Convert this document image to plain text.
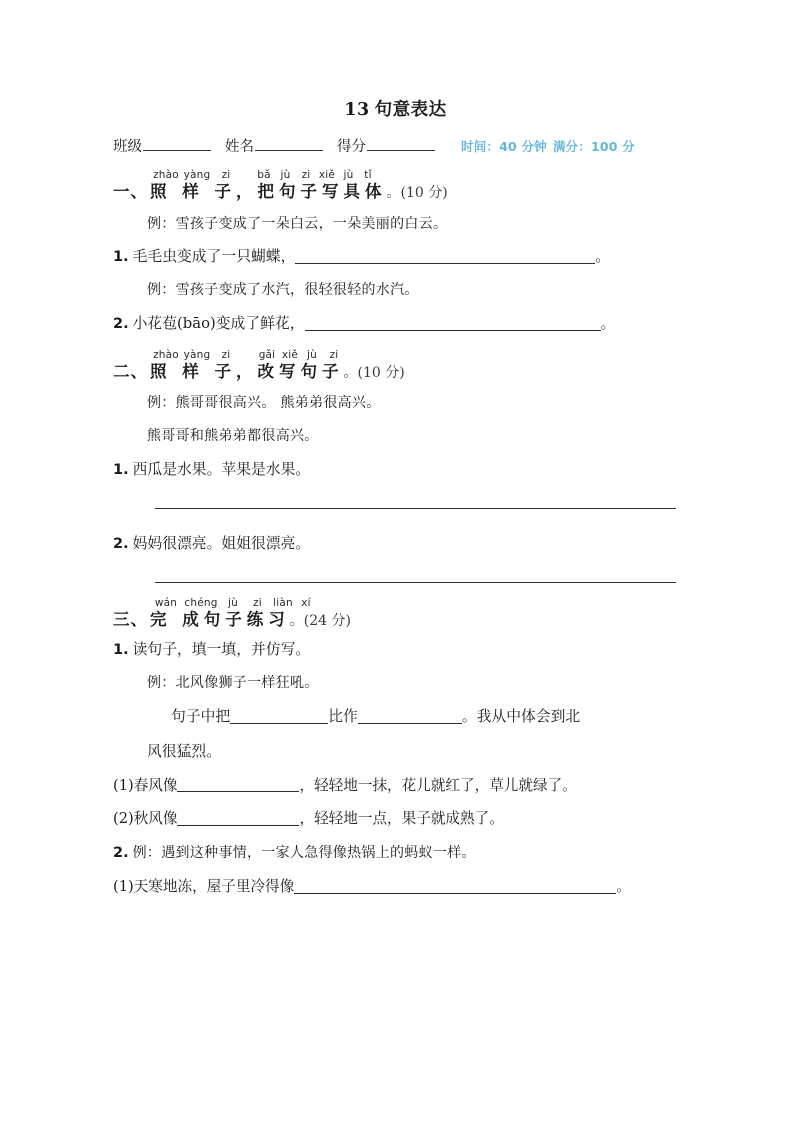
13 句意表达
班级	姓名	得分	时间：40 分钟 满分：100 分
zhào yàng zi	bǎ jù zi xiě jù tǐ
一、 照 样 子，把句子写具体。(10 分)
例：雪孩子变成了一朵白云，一朵美丽的白云。
1. 毛毛虫变成了一只蝴蝶，	。
例：雪孩子变成了水汽，很轻很轻的水汽。
2. 小花苞(bāo)变成了鲜花，	。
zhào yàng zi	gǎi xiě jù zi
二、 照 样 子，改写句子。(10 分)
例：熊哥哥很高兴。 熊弟弟很高兴。
熊哥哥和熊弟弟都很高兴。
1. 西瓜是水果。苹果是水果。
2. 妈妈很漂亮。姐姐很漂亮。
wán chéng jù zi liàn xí
三、 完 成句子练习。(24 分)
1. 读句子，填一填，并仿写。
例：北风像狮子一样狂吼。
句子中把	比作	。我从中体会到北
风很猛烈。
(1)春风像	，轻轻地一抹，花儿就红了，草儿就绿了。
(2)秋风像	，轻轻地一点，果子就成熟了。
2. 例：遇到这种事情，一家人急得像热锅上的蚂蚁一样。
(1)天寒地冻，屋子里冷得像	。
